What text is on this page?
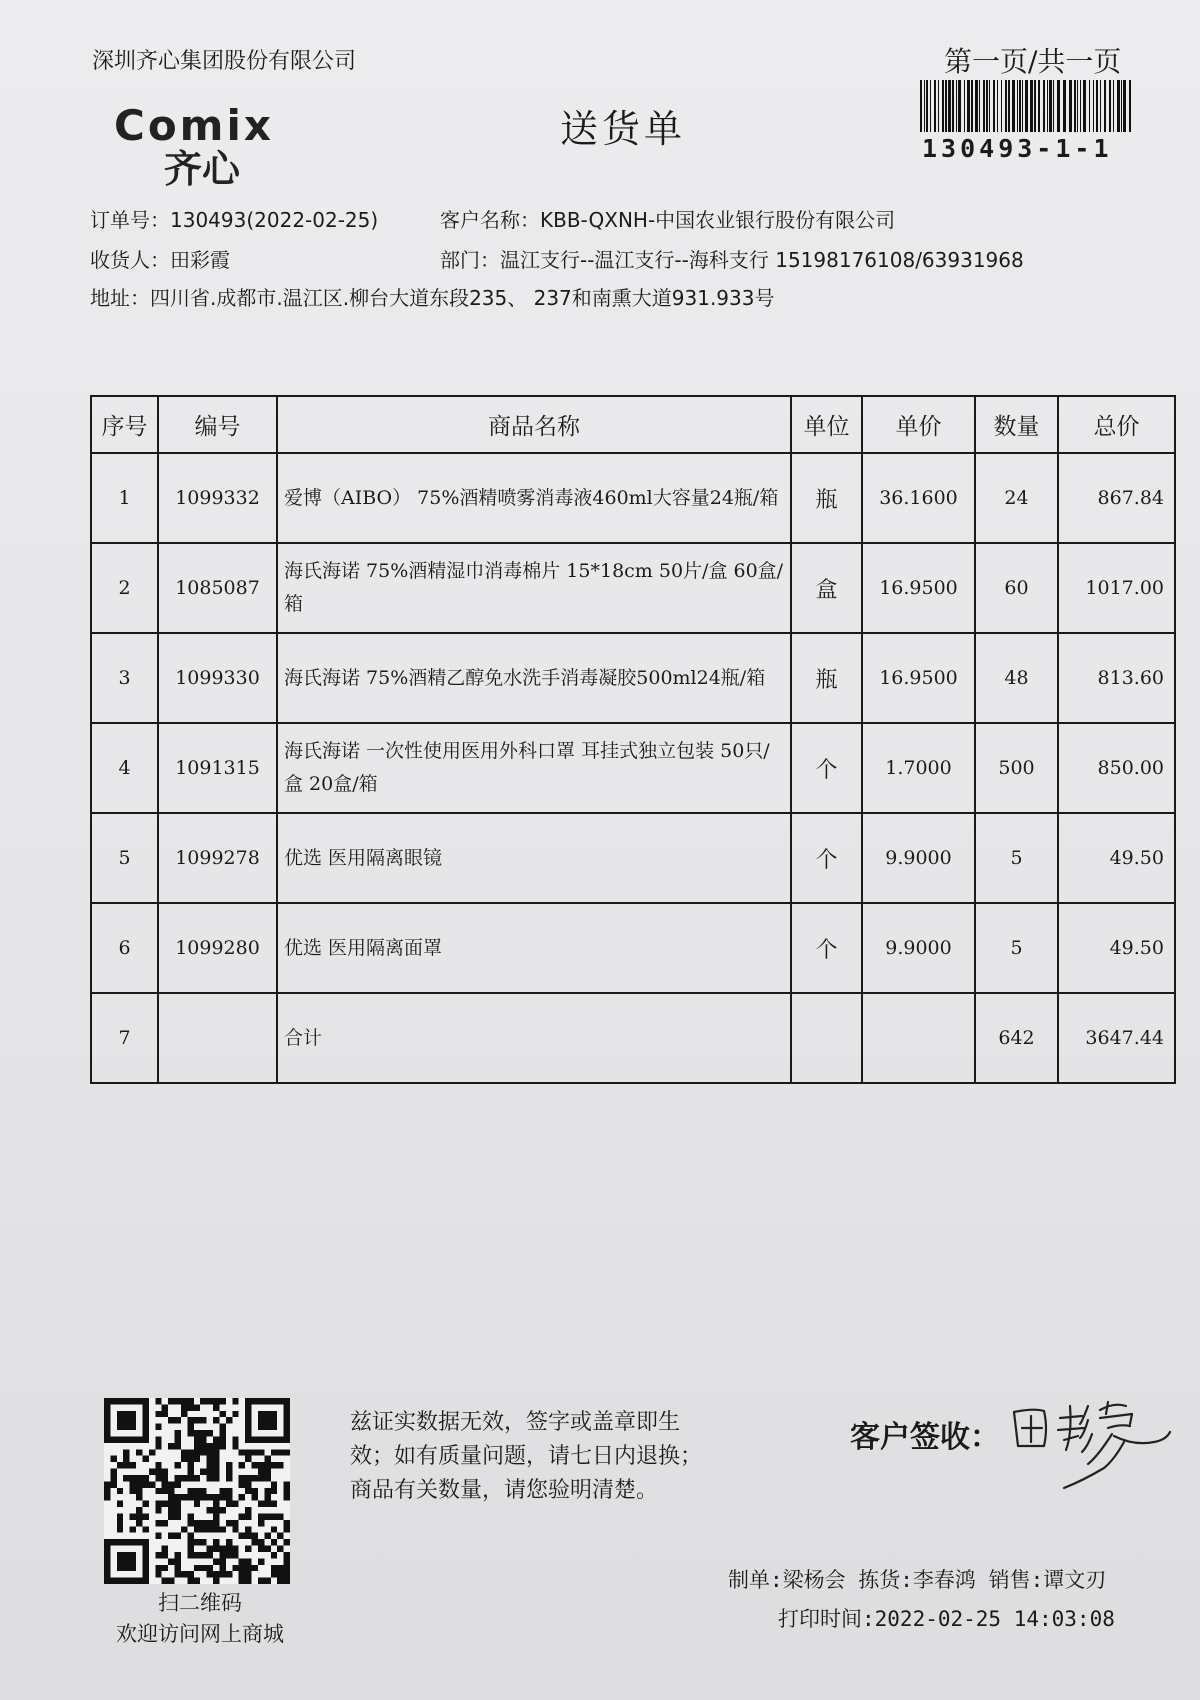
深圳齐心集团股份有限公司	第一页/共一页
130493-1-1
Comix
齐心
送货单
订单号：130493(2022-02-25)	客户名称：KBB-QXNH-中国农业银行股份有限公司
收货人：田彩霞	部门：温江支行--温江支行--海科支行 15198176108/63931968
地址：四川省.成都市.温江区.柳台大道东段235、 237和南熏大道931.933号
序号	编号	商品名称	单位	单价	数量	总价
1	1099332	爱博（AIBO） 75%酒精喷雾消毒液460ml大容量24瓶/箱	瓶	36.1600	24	867.84
2	1085087	海氏海诺 75%酒精湿巾消毒棉片 15*18cm 50片/盒 60盒/箱	盒	16.9500	60	1017.00
3	1099330	海氏海诺 75%酒精乙醇免水洗手消毒凝胶500ml24瓶/箱	瓶	16.9500	48	813.60
4	1091315	海氏海诺 一次性使用医用外科口罩 耳挂式独立包装 50只/盒 20盒/箱	个	1.7000	500	850.00
5	1099278	优选 医用隔离眼镜	个	9.9000	5	49.50
6	1099280	优选 医用隔离面罩	个	9.9000	5	49.50
7		合计			642	3647.44
扫二维码
欢迎访问网上商城
兹证实数据无效，签字或盖章即生
效；如有质量问题，请七日内退换；
商品有关数量，请您验明清楚。
客户签收：
制单:梁杨会 拣货:李春鸿 销售:谭文刃
打印时间:2022-02-25 14:03:08
